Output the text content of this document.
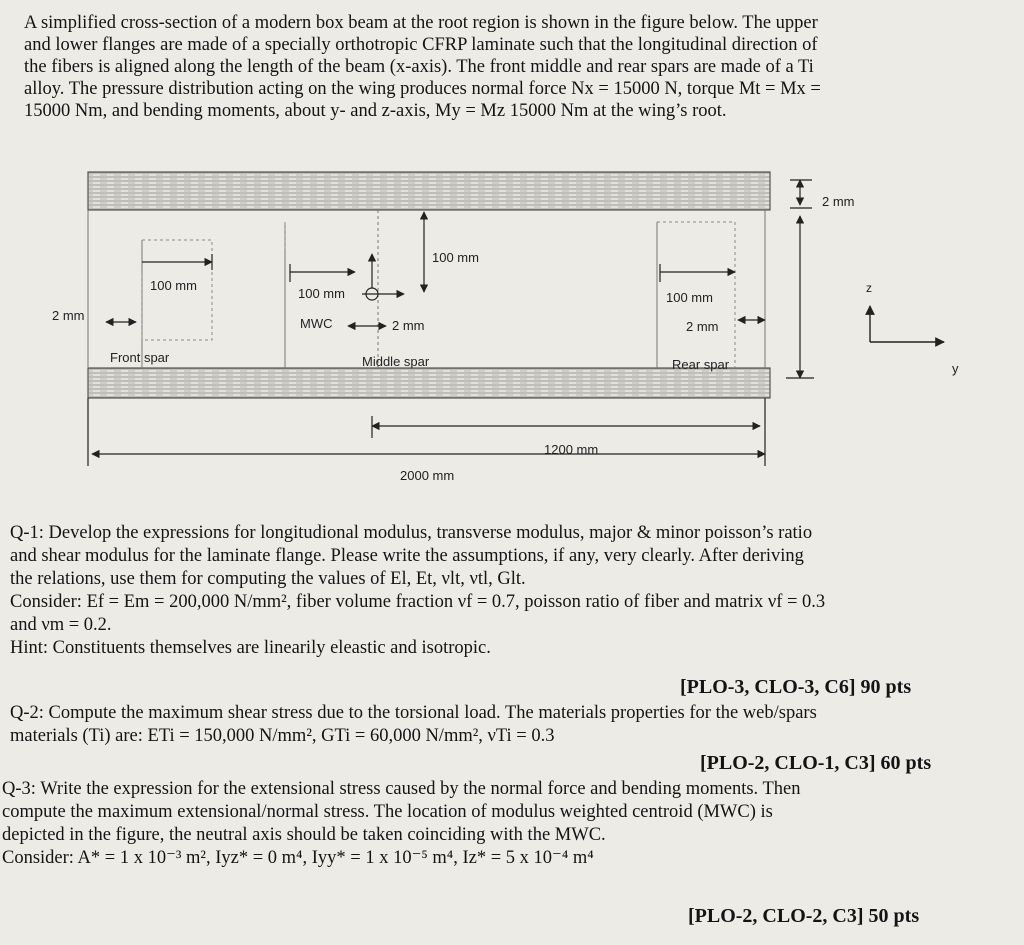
A simplified cross-section of a modern box beam at the root region is shown in the figure below. The upper

and lower flanges are made of a specially orthotropic CFRP laminate such that the longitudinal direction of

the fibers is aligned along the length of the beam (x-axis). The front middle and rear spars are made of a Ti

alloy. The pressure distribution acting on the wing produces normal force Nx = 15000 N, torque Mt = Mx =

15000 Nm, and bending moments, about y- and z-axis, My = Mz 15000 Nm at the wing’s root.

2 mm
100 mm
2 mm
Front spar
100 mm
MWC	2 mm
Middle spar
100 mm
100 mm
2 mm
Rear spar
1200 mm
2000 mm
z
y

Q-1: Develop the expressions for longitudional modulus, transverse modulus, major & minor poisson’s ratio

and shear modulus for the laminate flange. Please write the assumptions, if any, very clearly. After deriving

the relations, use them for computing the values of El, Et, νlt, νtl, Glt.

Consider: Ef = Em = 200,000 N/mm², fiber volume fraction νf = 0.7, poisson ratio of fiber and matrix νf = 0.3

and νm = 0.2.

Hint: Constituents themselves are linearily eleastic and isotropic.

[PLO-3, CLO-3, C6] 90 pts

Q-2: Compute the maximum shear stress due to the torsional load. The materials properties for the web/spars

materials (Ti) are: ETi = 150,000 N/mm², GTi = 60,000 N/mm², νTi = 0.3

[PLO-2, CLO-1, C3] 60 pts

Q-3: Write the expression for the extensional stress caused by the normal force and bending moments. Then

compute the maximum extensional/normal stress. The location of modulus weighted centroid (MWC) is

depicted in the figure, the neutral axis should be taken coinciding with the MWC.

Consider: A* = 1 x 10⁻³ m², Iyz* = 0 m⁴, Iyy* = 1 x 10⁻⁵ m⁴, Iz* = 5 x 10⁻⁴ m⁴

[PLO-2, CLO-2, C3] 50 pts
